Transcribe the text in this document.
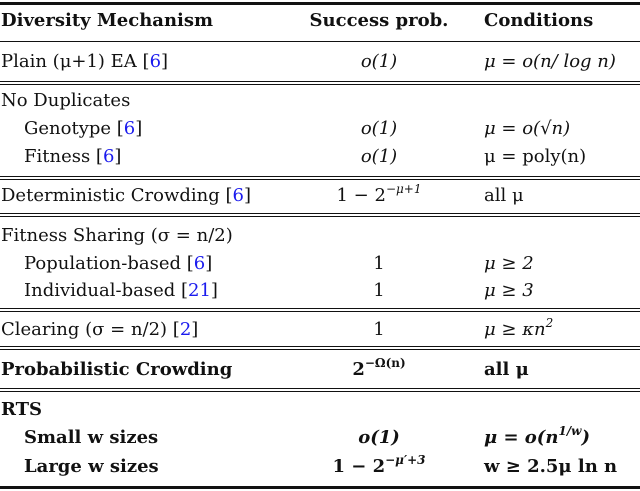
Diversity Mechanism	Success prob.	Conditions
Plain (μ+1) EA [6]	o(1)	μ = o(n/ log n)
No Duplicates
Genotype [6]	o(1)	μ = o(√n)
Fitness [6]	o(1)	μ = poly(n)
Deterministic Crowding [6]	$1 - 2^{-\mu+1}$	all μ
Fitness Sharing (σ = n/2)
Population-based [6]	1	μ ≥ 2
Individual-based [21]	1	μ ≥ 3
Clearing (σ = n/2) [2]	1	$\mu \ge \kappa n^2$
Probabilistic Crowding	$2^{-\Omega(n)}$	all μ
RTS
Small w sizes	o(1)	$\mu = o(n^{1/w})$
Large w sizes	$1 - 2^{-\mu'+3}$	w ≥ 2.5μ ln n
